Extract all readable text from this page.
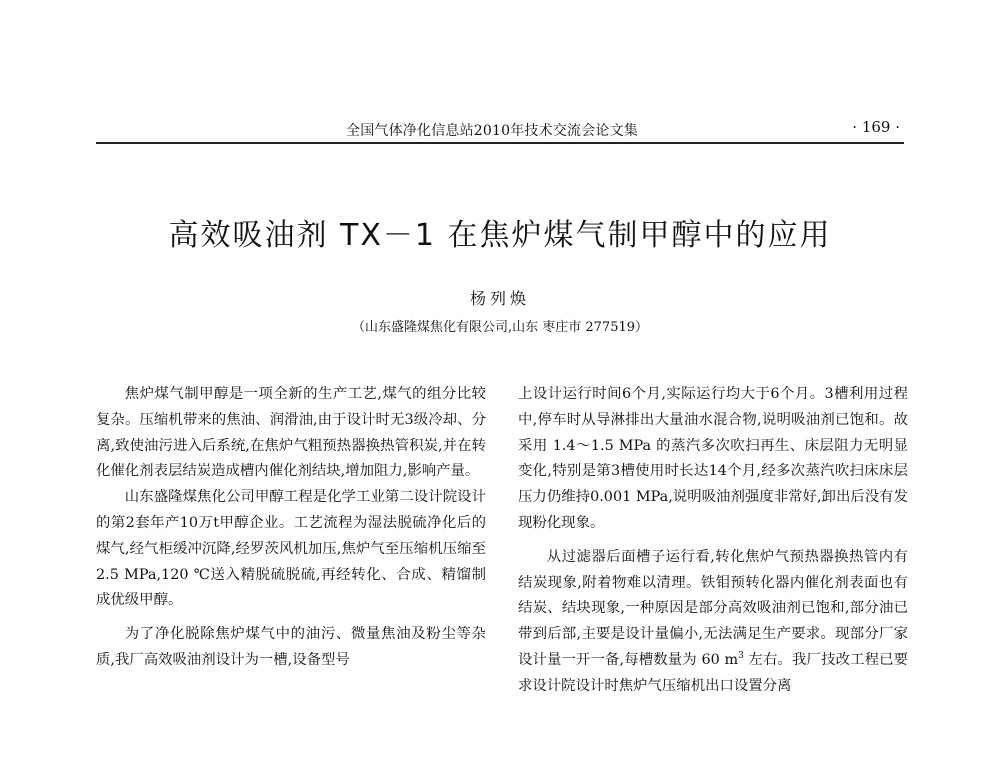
全国气体净化信息站2010年技术交流会论文集	· 169 ·
高效吸油剂 TX－1 在焦炉煤气制甲醇中的应用
杨列焕
（山东盛隆煤焦化有限公司,山东 枣庄市 277519）

焦炉煤气制甲醇是一项全新的生产工艺,煤气的组分比较复杂。压缩机带来的焦油、润滑油,由于设计时无3级冷却、分离,致使油污进入后系统,在焦炉气粗预热器换热管积炭,并在转化催化剂表层结炭造成槽内催化剂结块,增加阻力,影响产量。

山东盛隆煤焦化公司甲醇工程是化学工业第二设计院设计的第2套年产10万t甲醇企业。工艺流程为湿法脱硫净化后的煤气,经气柜缓冲沉降,经罗茨风机加压,焦炉气至压缩机压缩至 2.5 MPa,120 ℃送入精脱硫脱硫,再经转化、合成、精馏制成优级甲醇。

为了净化脱除焦炉煤气中的油污、微量焦油及粉尘等杂质,我厂高效吸油剂设计为一槽,设备型号

上设计运行时间6个月,实际运行均大于6个月。3槽利用过程中,停车时从导淋排出大量油水混合物,说明吸油剂已饱和。故采用 1.4～1.5 MPa 的蒸汽多次吹扫再生、床层阻力无明显变化,特别是第3槽使用时长达14个月,经多次蒸汽吹扫床床层压力仍维持0.001 MPa,说明吸油剂强度非常好,卸出后没有发现粉化现象。

从过滤器后面槽子运行看,转化焦炉气预热器换热管内有结炭现象,附着物难以清理。铁钼预转化器内催化剂表面也有结炭、结块现象,一种原因是部分高效吸油剂已饱和,部分油已带到后部,主要是设计量偏小,无法满足生产要求。现部分厂家设计量一开一备,每槽数量为 60 $m^3$ 左右。我厂技改工程已要求设计院设计时焦炉气压缩机出口设置分离
